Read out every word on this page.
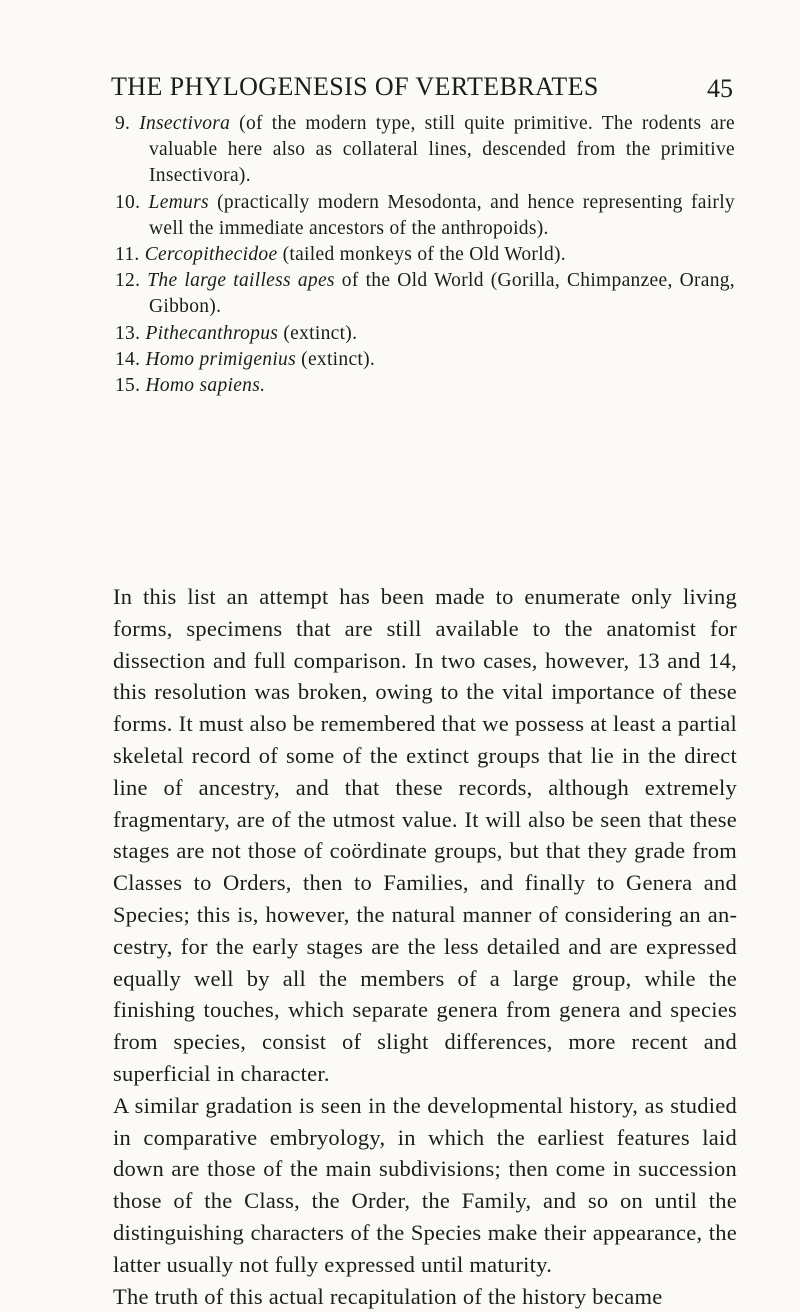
THE PHYLOGENESIS OF VERTEBRATES	45

9. Insectivora (of the modern type, still quite primitive. The rodents are valuable here also as collateral lines, descended from the primitive Insectivora).

10. Lemurs (practically modern Mesodonta, and hence representing fairly well the immediate ancestors of the anthropoids).

11. Cercopithecidoe (tailed monkeys of the Old World).

12. The large tailless apes of the Old World (Gorilla, Chimpanzee, Orang, Gibbon).

13. Pithecanthropus (extinct).

14. Homo primigenius (extinct).

15. Homo sapiens.

In this list an attempt has been made to enumerate only living forms, specimens that are still available to the anatomist for dissection and full comparison. In two cases, however, 13 and 14, this resolution was broken, owing to the vital importance of these forms. It must also be remembered that we possess at least a partial skeletal record of some of the extinct groups that lie in the direct line of ancestry, and that these records, although extremely fragmentary, are of the utmost value. It will also be seen that these stages are not those of coördinate groups, but that they grade from Classes to Orders, then to Families, and finally to Genera and Species; this is, however, the natural manner of considering an ancestry, for the early stages are the less detailed and are expressed equally well by all the members of a large group, while the finishing touches, which separate genera from genera and species from species, consist of slight differences, more recent and superficial in character.

A similar gradation is seen in the developmental history, as studied in comparative embryology, in which the earliest features laid down are those of the main subdivisions; then come in succession those of the Class, the Order, the Family, and so on until the distinguishing characters of the Species make their appearance, the latter usually not fully expressed until maturity.

The truth of this actual recapitulation of the history became
